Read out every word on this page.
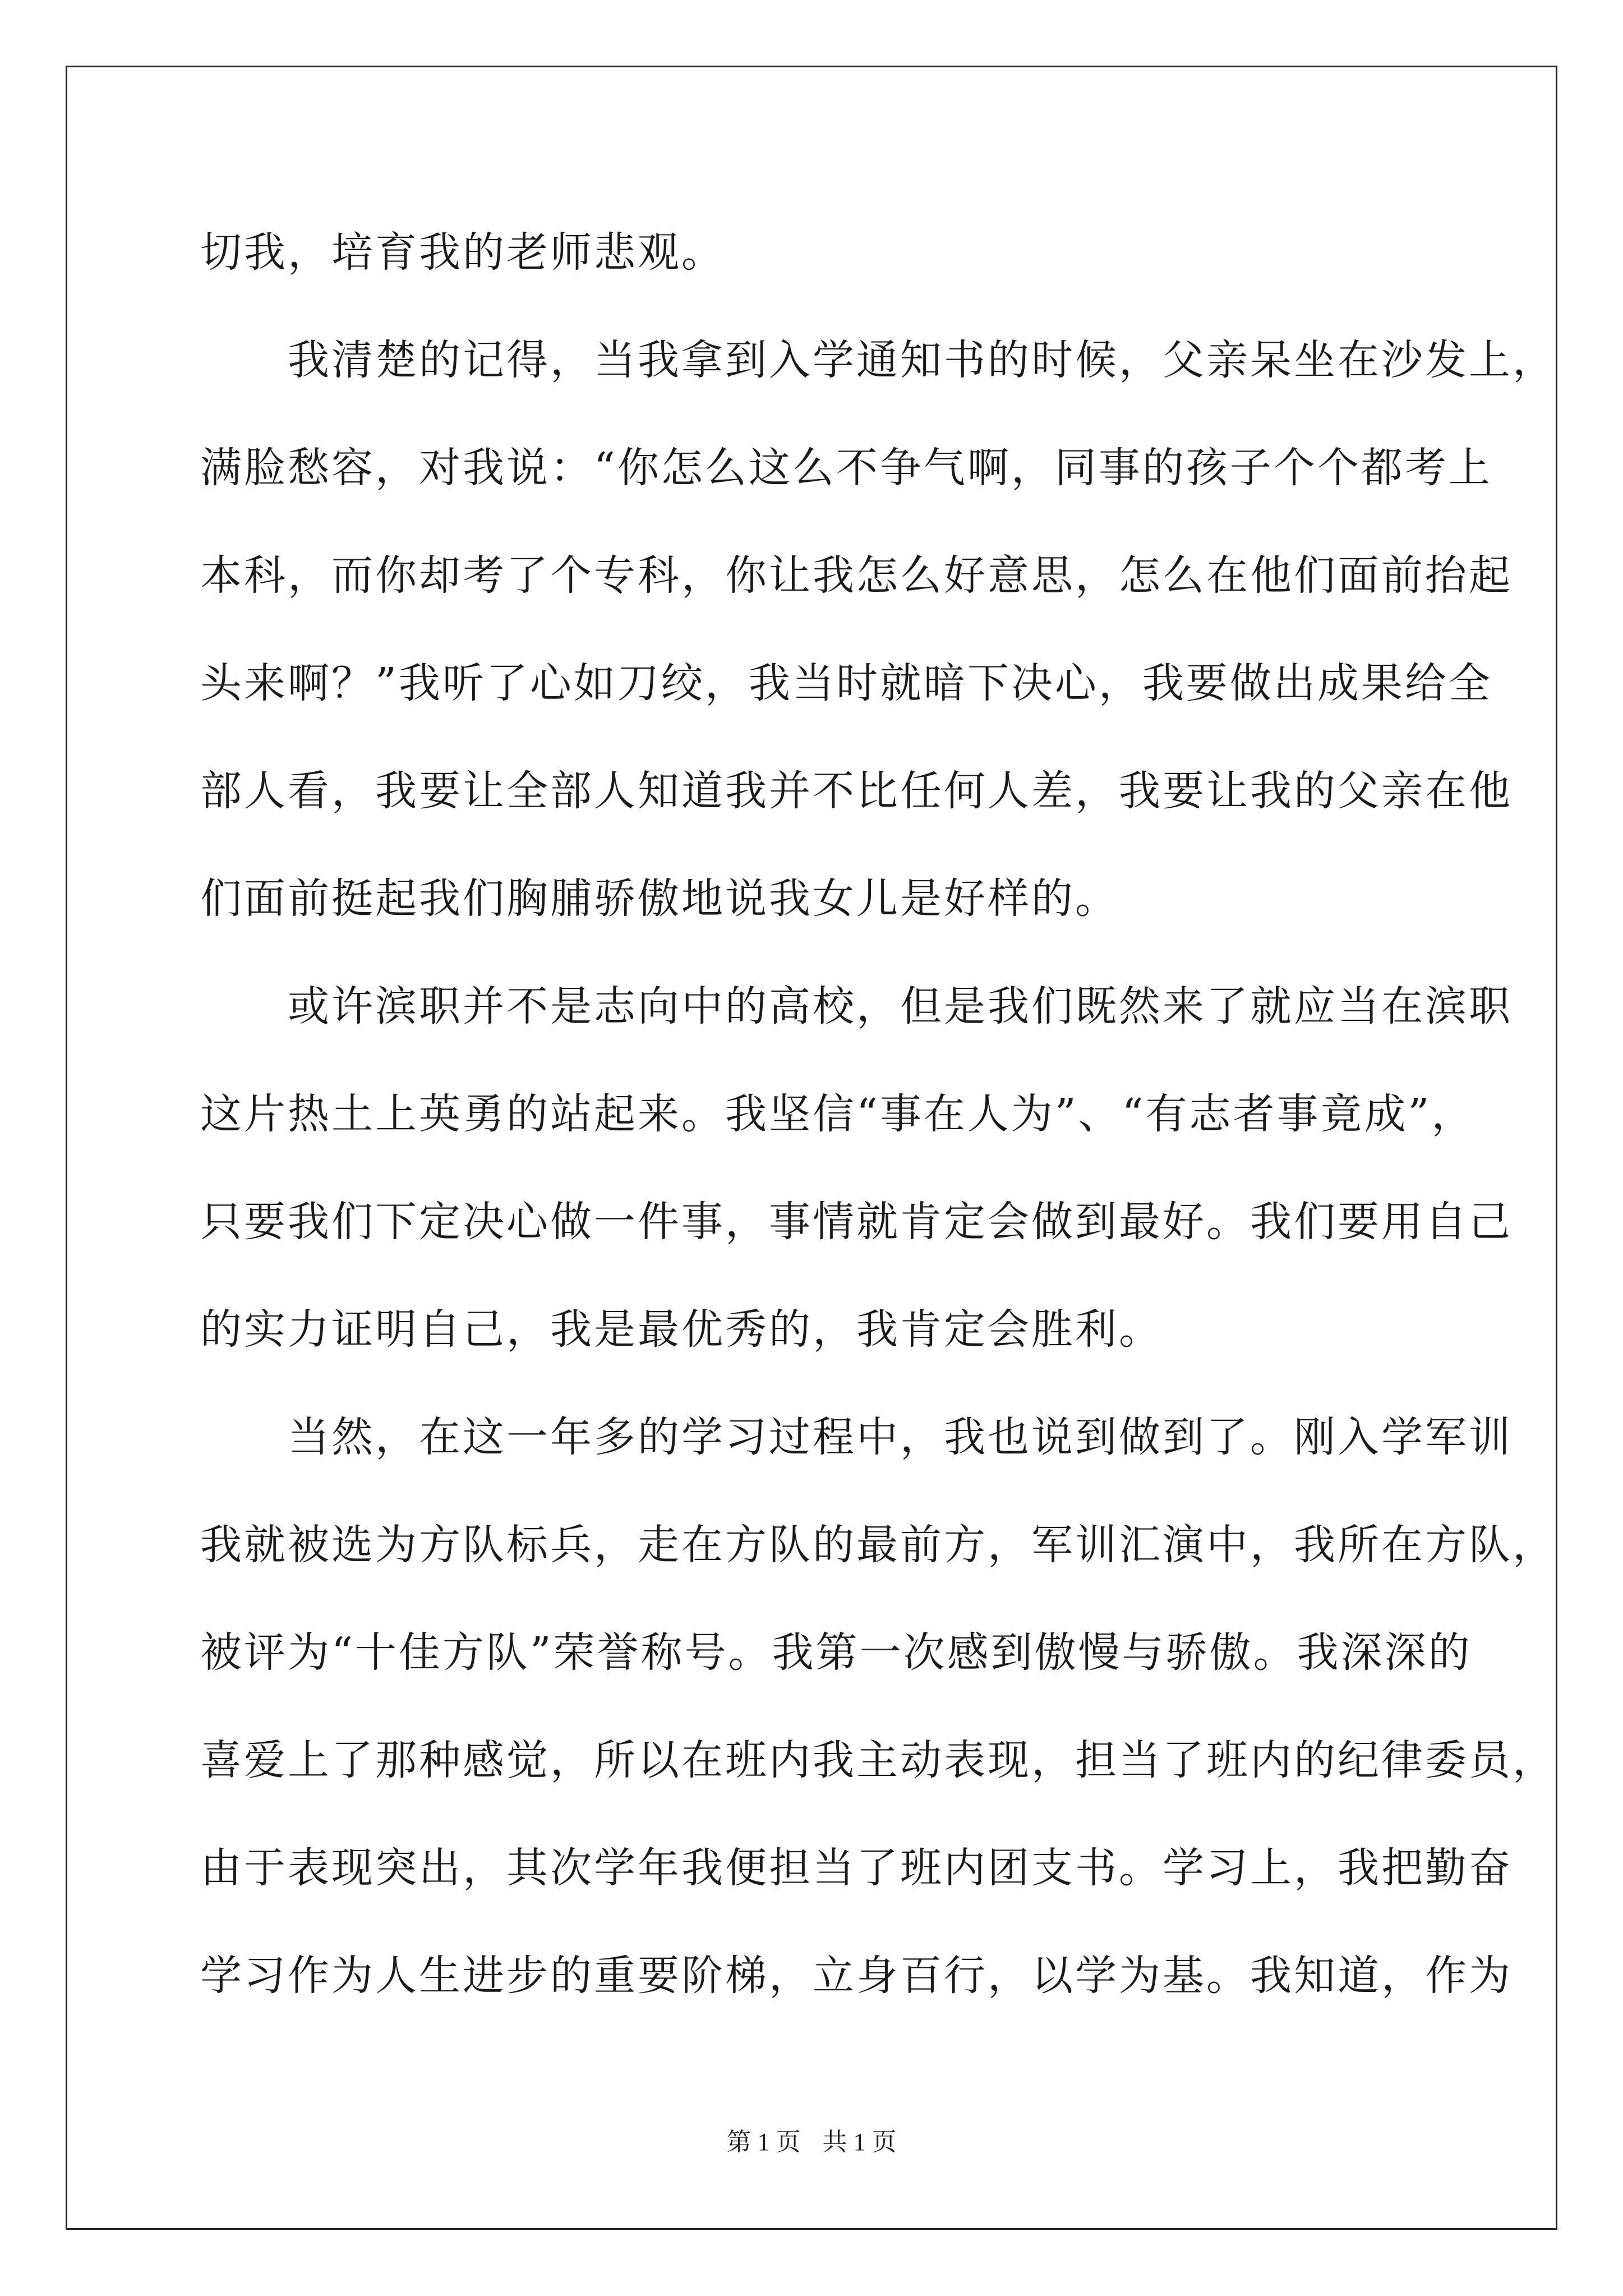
切我，培育我的老师悲观。
　　我清楚的记得，当我拿到入学通知书的时候，父亲呆坐在沙发上，
满脸愁容，对我说：“你怎么这么不争气啊，同事的孩子个个都考上
本科，而你却考了个专科，你让我怎么好意思，怎么在他们面前抬起
头来啊？”我听了心如刀绞，我当时就暗下决心，我要做出成果给全
部人看，我要让全部人知道我并不比任何人差，我要让我的父亲在他
们面前挺起我们胸脯骄傲地说我女儿是好样的。
　　或许滨职并不是志向中的高校，但是我们既然来了就应当在滨职
这片热土上英勇的站起来。我坚信“事在人为”、“有志者事竟成”，
只要我们下定决心做一件事，事情就肯定会做到最好。我们要用自己
的实力证明自己，我是最优秀的，我肯定会胜利。
　　当然，在这一年多的学习过程中，我也说到做到了。刚入学军训
我就被选为方队标兵，走在方队的最前方，军训汇演中，我所在方队，
被评为“十佳方队”荣誉称号。我第一次感到傲慢与骄傲。我深深的
喜爱上了那种感觉，所以在班内我主动表现，担当了班内的纪律委员，
由于表现突出，其次学年我便担当了班内团支书。学习上，我把勤奋
学习作为人生进步的重要阶梯，立身百行，以学为基。我知道，作为
第 1 页 共 1 页
